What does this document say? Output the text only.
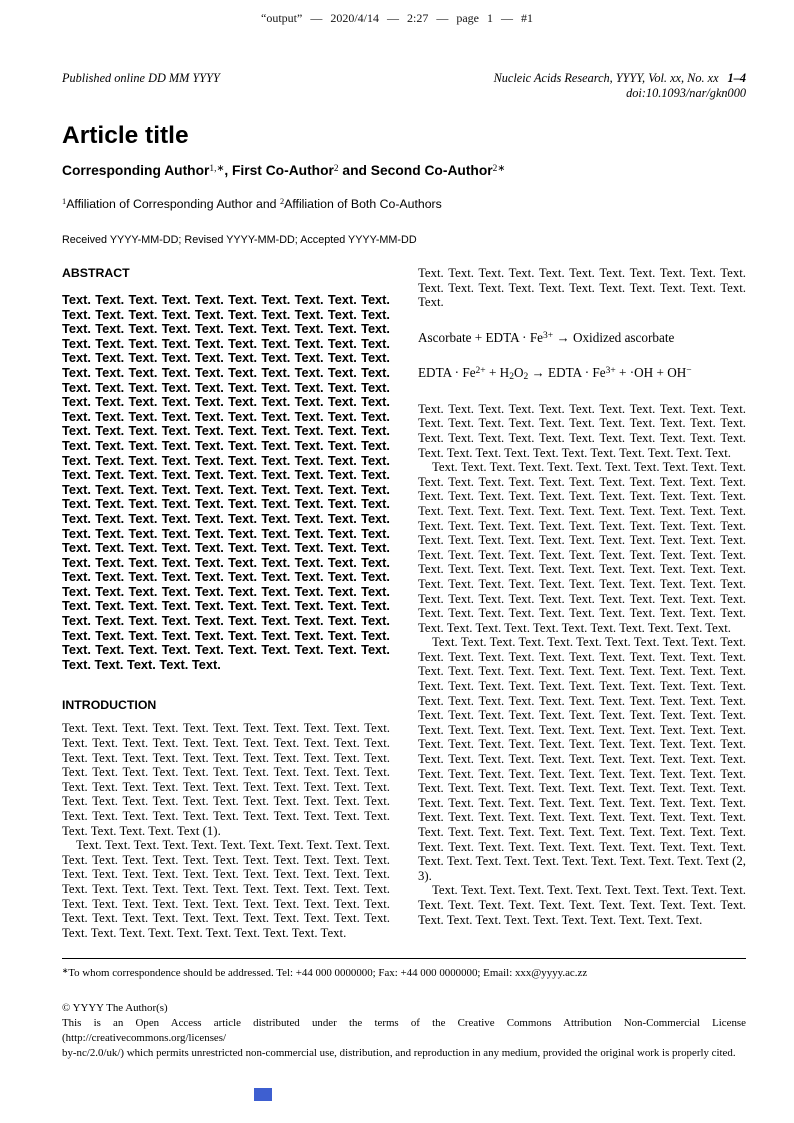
“output” — 2020/4/14 — 2:27 — page 1 — #1
Published online DD MM YYYY	Nucleic Acids Research, YYYY, Vol. xx, No. xx 1–4
doi:10.1093/nar/gkn000
Article title
Corresponding Author$^{1,∗}$, First Co-Author$^2$ and Second Co-Author$^{2∗}$
$^1$Affiliation of Corresponding Author and $^2$Affiliation of Both Co-Authors
Received YYYY-MM-DD; Revised YYYY-MM-DD; Accepted YYYY-MM-DD
ABSTRACT

Text. Text. Text. Text. Text. Text. Text. Text. Text. Text. Text. Text. Text. Text. Text. Text. Text. Text. Text. Text. Text. Text. Text. Text. Text. Text. Text. Text. Text. Text. Text. Text. Text. Text. Text. Text. Text. Text. Text. Text. Text. Text. Text. Text. Text. Text. Text. Text. Text. Text. Text. Text. Text. Text. Text. Text. Text. Text. Text. Text. Text. Text. Text. Text. Text. Text. Text. Text. Text. Text. Text. Text. Text. Text. Text. Text. Text. Text. Text. Text. Text. Text. Text. Text. Text. Text. Text. Text. Text. Text. Text. Text. Text. Text. Text. Text. Text. Text. Text. Text. Text. Text. Text. Text. Text. Text. Text. Text. Text. Text. Text. Text. Text. Text. Text. Text. Text. Text. Text. Text. Text. Text. Text. Text. Text. Text. Text. Text. Text. Text. Text. Text. Text. Text. Text. Text. Text. Text. Text. Text. Text. Text. Text. Text. Text. Text. Text. Text. Text. Text. Text. Text. Text. Text. Text. Text. Text. Text. Text. Text. Text. Text. Text. Text. Text. Text. Text. Text. Text. Text. Text. Text. Text. Text. Text. Text. Text. Text. Text. Text. Text. Text. Text. Text. Text. Text. Text. Text. Text. Text. Text. Text. Text. Text. Text. Text. Text. Text. Text. Text. Text. Text. Text. Text. Text. Text. Text. Text. Text. Text. Text. Text. Text. Text. Text. Text. Text. Text. Text. Text. Text. Text. Text. Text. Text. Text. Text. Text. Text. Text. Text. Text. Text. Text. Text. Text. Text. Text. Text. Text. Text. Text. Text. Text. Text. Text. Text. Text. Text. Text. Text. Text. Text. Text. Text.

INTRODUCTION

Text. Text. Text. Text. Text. Text. Text. Text. Text. Text. Text. Text. Text. Text. Text. Text. Text. Text. Text. Text. Text. Text. Text. Text. Text. Text. Text. Text. Text. Text. Text. Text. Text. Text. Text. Text. Text. Text. Text. Text. Text. Text. Text. Text. Text. Text. Text. Text. Text. Text. Text. Text. Text. Text. Text. Text. Text. Text. Text. Text. Text. Text. Text. Text. Text. Text. Text. Text. Text. Text. Text. Text. Text. Text. Text. Text. Text. Text. Text. Text. Text. Text (1).

Text. Text. Text. Text. Text. Text. Text. Text. Text. Text. Text. Text. Text. Text. Text. Text. Text. Text. Text. Text. Text. Text. Text. Text. Text. Text. Text. Text. Text. Text. Text. Text. Text. Text. Text. Text. Text. Text. Text. Text. Text. Text. Text. Text. Text. Text. Text. Text. Text. Text. Text. Text. Text. Text. Text. Text. Text. Text. Text. Text. Text. Text. Text. Text. Text. Text. Text. Text. Text. Text. Text. Text. Text. Text. Text. Text.

Text. Text. Text. Text. Text. Text. Text. Text. Text. Text. Text. Text. Text. Text. Text. Text. Text. Text. Text. Text. Text. Text. Text.

Ascorbate + EDTA · $Fe^{3+}$ → Oxidized ascorbate
EDTA · $Fe^{2+} + H2O2$ → EDTA · $Fe^{3+} + \cdot OH + OH^-$

Text. Text. Text. Text. Text. Text. Text. Text. Text. Text. Text. Text. Text. Text. Text. Text. Text. Text. Text. Text. Text. Text. Text. Text. Text. Text. Text. Text. Text. Text. Text. Text. Text. Text. Text. Text. Text. Text. Text. Text. Text. Text. Text. Text.

Text. Text. Text. Text. Text. Text. Text. Text. Text. Text. Text. Text. Text. Text. Text. Text. Text. Text. Text. Text. Text. Text. Text. Text. Text. Text. Text. Text. Text. Text. Text. Text. Text. Text. Text. Text. Text. Text. Text. Text. Text. Text. Text. Text. Text. Text. Text. Text. Text. Text. Text. Text. Text. Text. Text. Text. Text. Text. Text. Text. Text. Text. Text. Text. Text. Text. Text. Text. Text. Text. Text. Text. Text. Text. Text. Text. Text. Text. Text. Text. Text. Text. Text. Text. Text. Text. Text. Text. Text. Text. Text. Text. Text. Text. Text. Text. Text. Text. Text. Text. Text. Text. Text. Text. Text. Text. Text. Text. Text. Text. Text. Text. Text. Text. Text. Text. Text. Text. Text. Text. Text. Text. Text. Text. Text. Text. Text. Text. Text. Text. Text. Text.

Text. Text. Text. Text. Text. Text. Text. Text. Text. Text. Text. Text. Text. Text. Text. Text. Text. Text. Text. Text. Text. Text. Text. Text. Text. Text. Text. Text. Text. Text. Text. Text. Text. Text. Text. Text. Text. Text. Text. Text. Text. Text. Text. Text. Text. Text. Text. Text. Text. Text. Text. Text. Text. Text. Text. Text. Text. Text. Text. Text. Text. Text. Text. Text. Text. Text. Text. Text. Text. Text. Text. Text. Text. Text. Text. Text. Text. Text. Text. Text. Text. Text. Text. Text. Text. Text. Text. Text. Text. Text. Text. Text. Text. Text. Text. Text. Text. Text. Text. Text. Text. Text. Text. Text. Text. Text. Text. Text. Text. Text. Text. Text. Text. Text. Text. Text. Text. Text. Text. Text. Text. Text. Text. Text. Text. Text. Text. Text. Text. Text. Text. Text. Text. Text. Text. Text. Text. Text. Text. Text. Text. Text. Text. Text. Text. Text. Text. Text. Text. Text. Text. Text. Text. Text. Text. Text. Text. Text. Text. Text. Text. Text. Text. Text. Text. Text. Text. Text. Text. Text. Text. Text. Text. Text. Text. Text (2, 3).

Text. Text. Text. Text. Text. Text. Text. Text. Text. Text. Text. Text. Text. Text. Text. Text. Text. Text. Text. Text. Text. Text. Text. Text. Text. Text. Text. Text. Text. Text. Text. Text.

∗To whom correspondence should be addressed. Tel: +44 000 0000000; Fax: +44 000 0000000; Email: xxx@yyyy.ac.zz
© YYYY The Author(s)
This is an Open Access article distributed under the terms of the Creative Commons Attribution Non-Commercial License (http://creativecommons.org/licenses/
by-nc/2.0/uk/) which permits unrestricted non-commercial use, distribution, and reproduction in any medium, provided the original work is properly cited.
